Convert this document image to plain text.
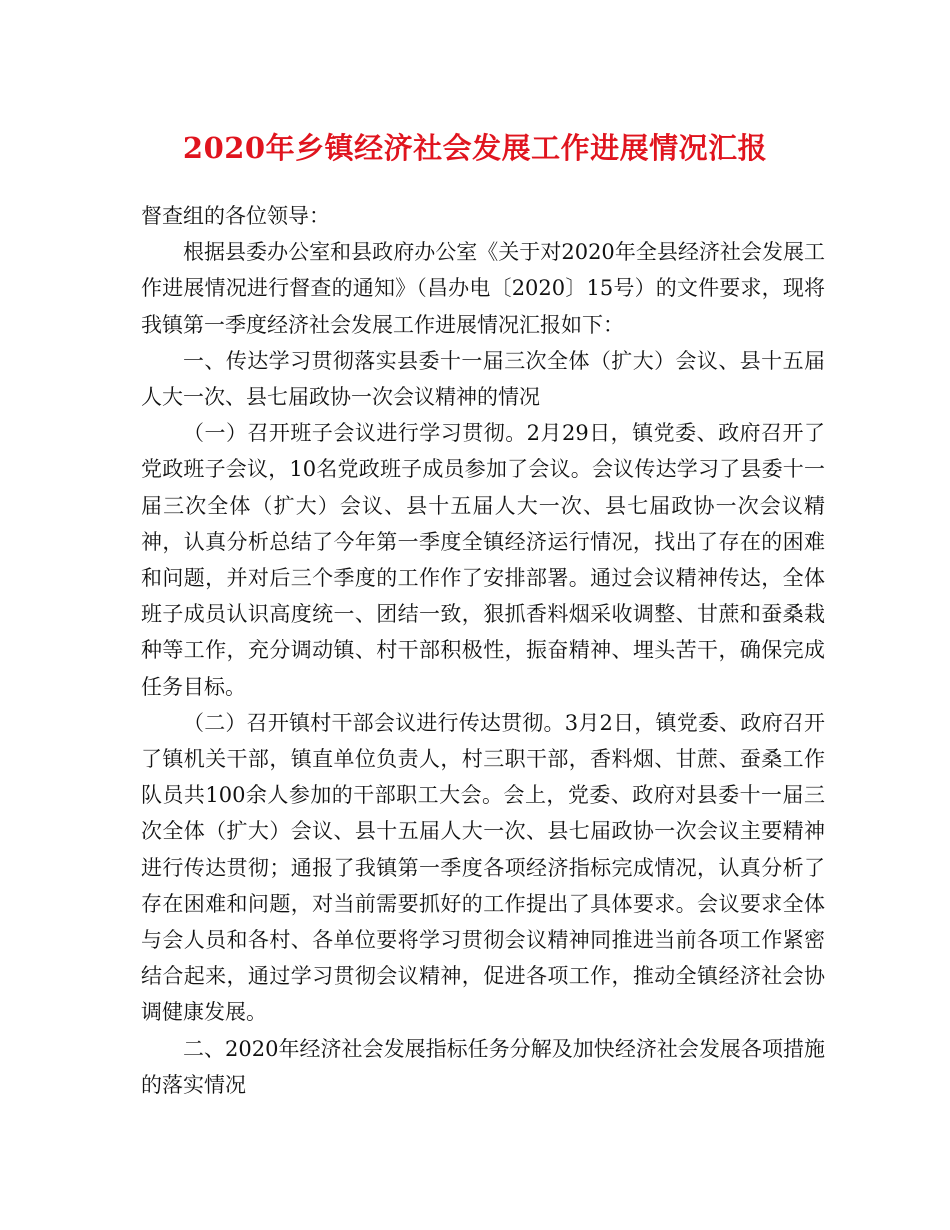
2020年乡镇经济社会发展工作进展情况汇报

督查组的各位领导：

根据县委办公室和县政府办公室《关于对2020年全县经济社会发展工作进展情况进行督查的通知》（昌办电〔2020〕15号）的文件要求，现将我镇第一季度经济社会发展工作进展情况汇报如下：

一、传达学习贯彻落实县委十一届三次全体（扩大）会议、县十五届人大一次、县七届政协一次会议精神的情况

（一）召开班子会议进行学习贯彻。2月29日，镇党委、政府召开了党政班子会议，10名党政班子成员参加了会议。会议传达学习了县委十一届三次全体（扩大）会议、县十五届人大一次、县七届政协一次会议精神，认真分析总结了今年第一季度全镇经济运行情况，找出了存在的困难和问题，并对后三个季度的工作作了安排部署。通过会议精神传达，全体班子成员认识高度统一、团结一致，狠抓香料烟采收调整、甘蔗和蚕桑栽种等工作，充分调动镇、村干部积极性，振奋精神、埋头苦干，确保完成任务目标。

（二）召开镇村干部会议进行传达贯彻。3月2日，镇党委、政府召开了镇机关干部，镇直单位负责人，村三职干部，香料烟、甘蔗、蚕桑工作队员共100余人参加的干部职工大会。会上，党委、政府对县委十一届三次全体（扩大）会议、县十五届人大一次、县七届政协一次会议主要精神进行传达贯彻；通报了我镇第一季度各项经济指标完成情况，认真分析了存在困难和问题，对当前需要抓好的工作提出了具体要求。会议要求全体与会人员和各村、各单位要将学习贯彻会议精神同推进当前各项工作紧密结合起来，通过学习贯彻会议精神，促进各项工作，推动全镇经济社会协调健康发展。

二、2020年经济社会发展指标任务分解及加快经济社会发展各项措施的落实情况
